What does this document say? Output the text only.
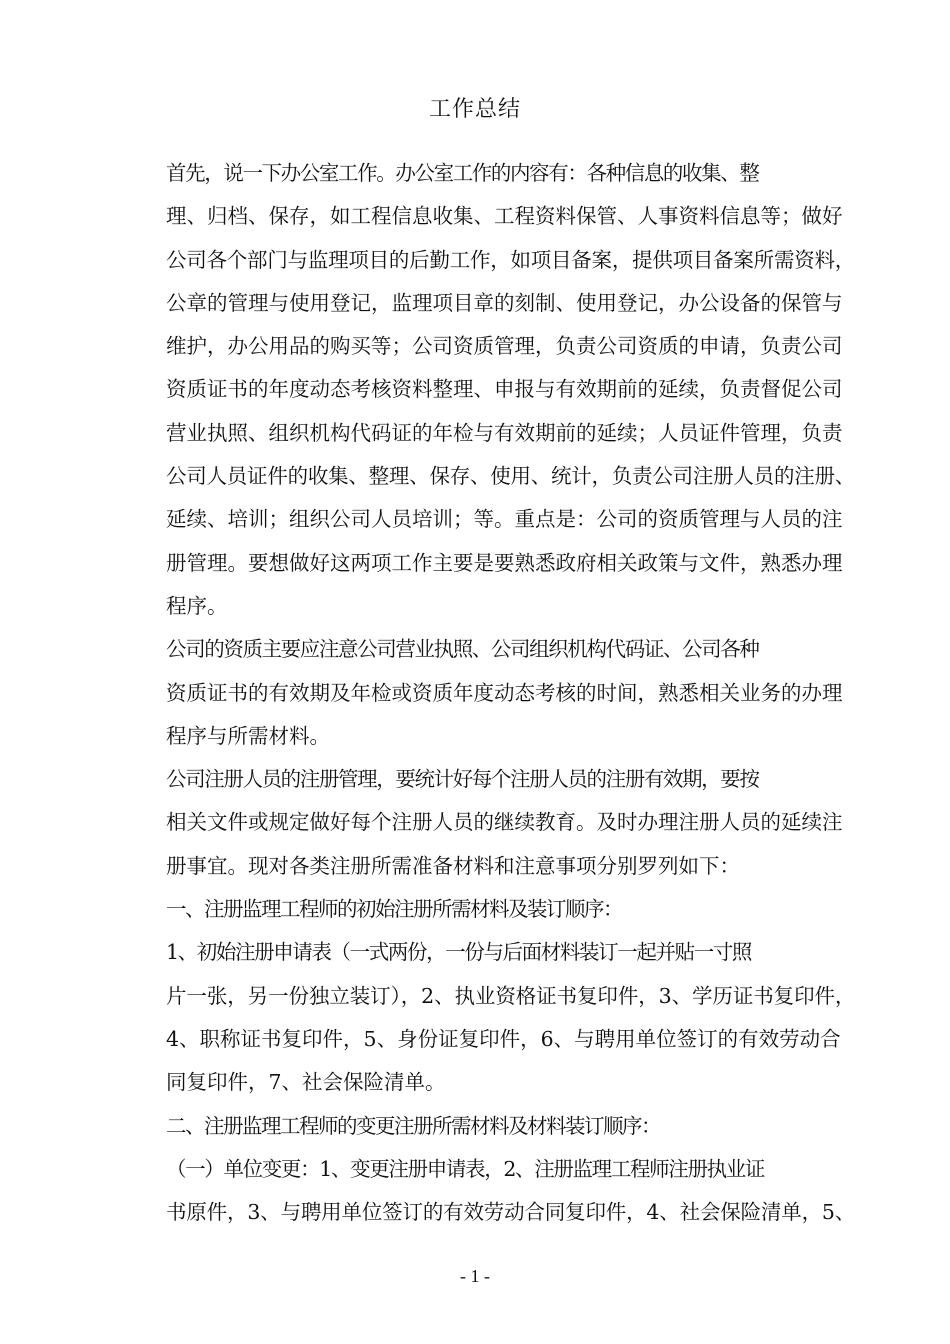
工作总结

首先，说一下办公室工作。办公室工作的内容有：各种信息的收集、整
理、归档、保存，如工程信息收集、工程资料保管、人事资料信息等；做好
公司各个部门与监理项目的后勤工作，如项目备案，提供项目备案所需资料，
公章的管理与使用登记，监理项目章的刻制、使用登记，办公设备的保管与
维护，办公用品的购买等；公司资质管理，负责公司资质的申请，负责公司
资质证书的年度动态考核资料整理、申报与有效期前的延续，负责督促公司
营业执照、组织机构代码证的年检与有效期前的延续；人员证件管理，负责
公司人员证件的收集、整理、保存、使用、统计，负责公司注册人员的注册、
延续、培训；组织公司人员培训；等。重点是：公司的资质管理与人员的注
册管理。要想做好这两项工作主要是要熟悉政府相关政策与文件，熟悉办理
程序。

公司的资质主要应注意公司营业执照、公司组织机构代码证、公司各种
资质证书的有效期及年检或资质年度动态考核的时间，熟悉相关业务的办理
程序与所需材料。

公司注册人员的注册管理，要统计好每个注册人员的注册有效期，要按
相关文件或规定做好每个注册人员的继续教育。及时办理注册人员的延续注
册事宜。现对各类注册所需准备材料和注意事项分别罗列如下：

一、注册监理工程师的初始注册所需材料及装订顺序：

1、初始注册申请表（一式两份，一份与后面材料装订一起并贴一寸照
片一张，另一份独立装订），2、执业资格证书复印件，3、学历证书复印件，
4、职称证书复印件，5、身份证复印件，6、与聘用单位签订的有效劳动合
同复印件，7、社会保险清单。

二、注册监理工程师的变更注册所需材料及材料装订顺序：

（一）单位变更：1、变更注册申请表，2、注册监理工程师注册执业证
书原件，3、与聘用单位签订的有效劳动合同复印件，4、社会保险清单，5、

- 1 -
